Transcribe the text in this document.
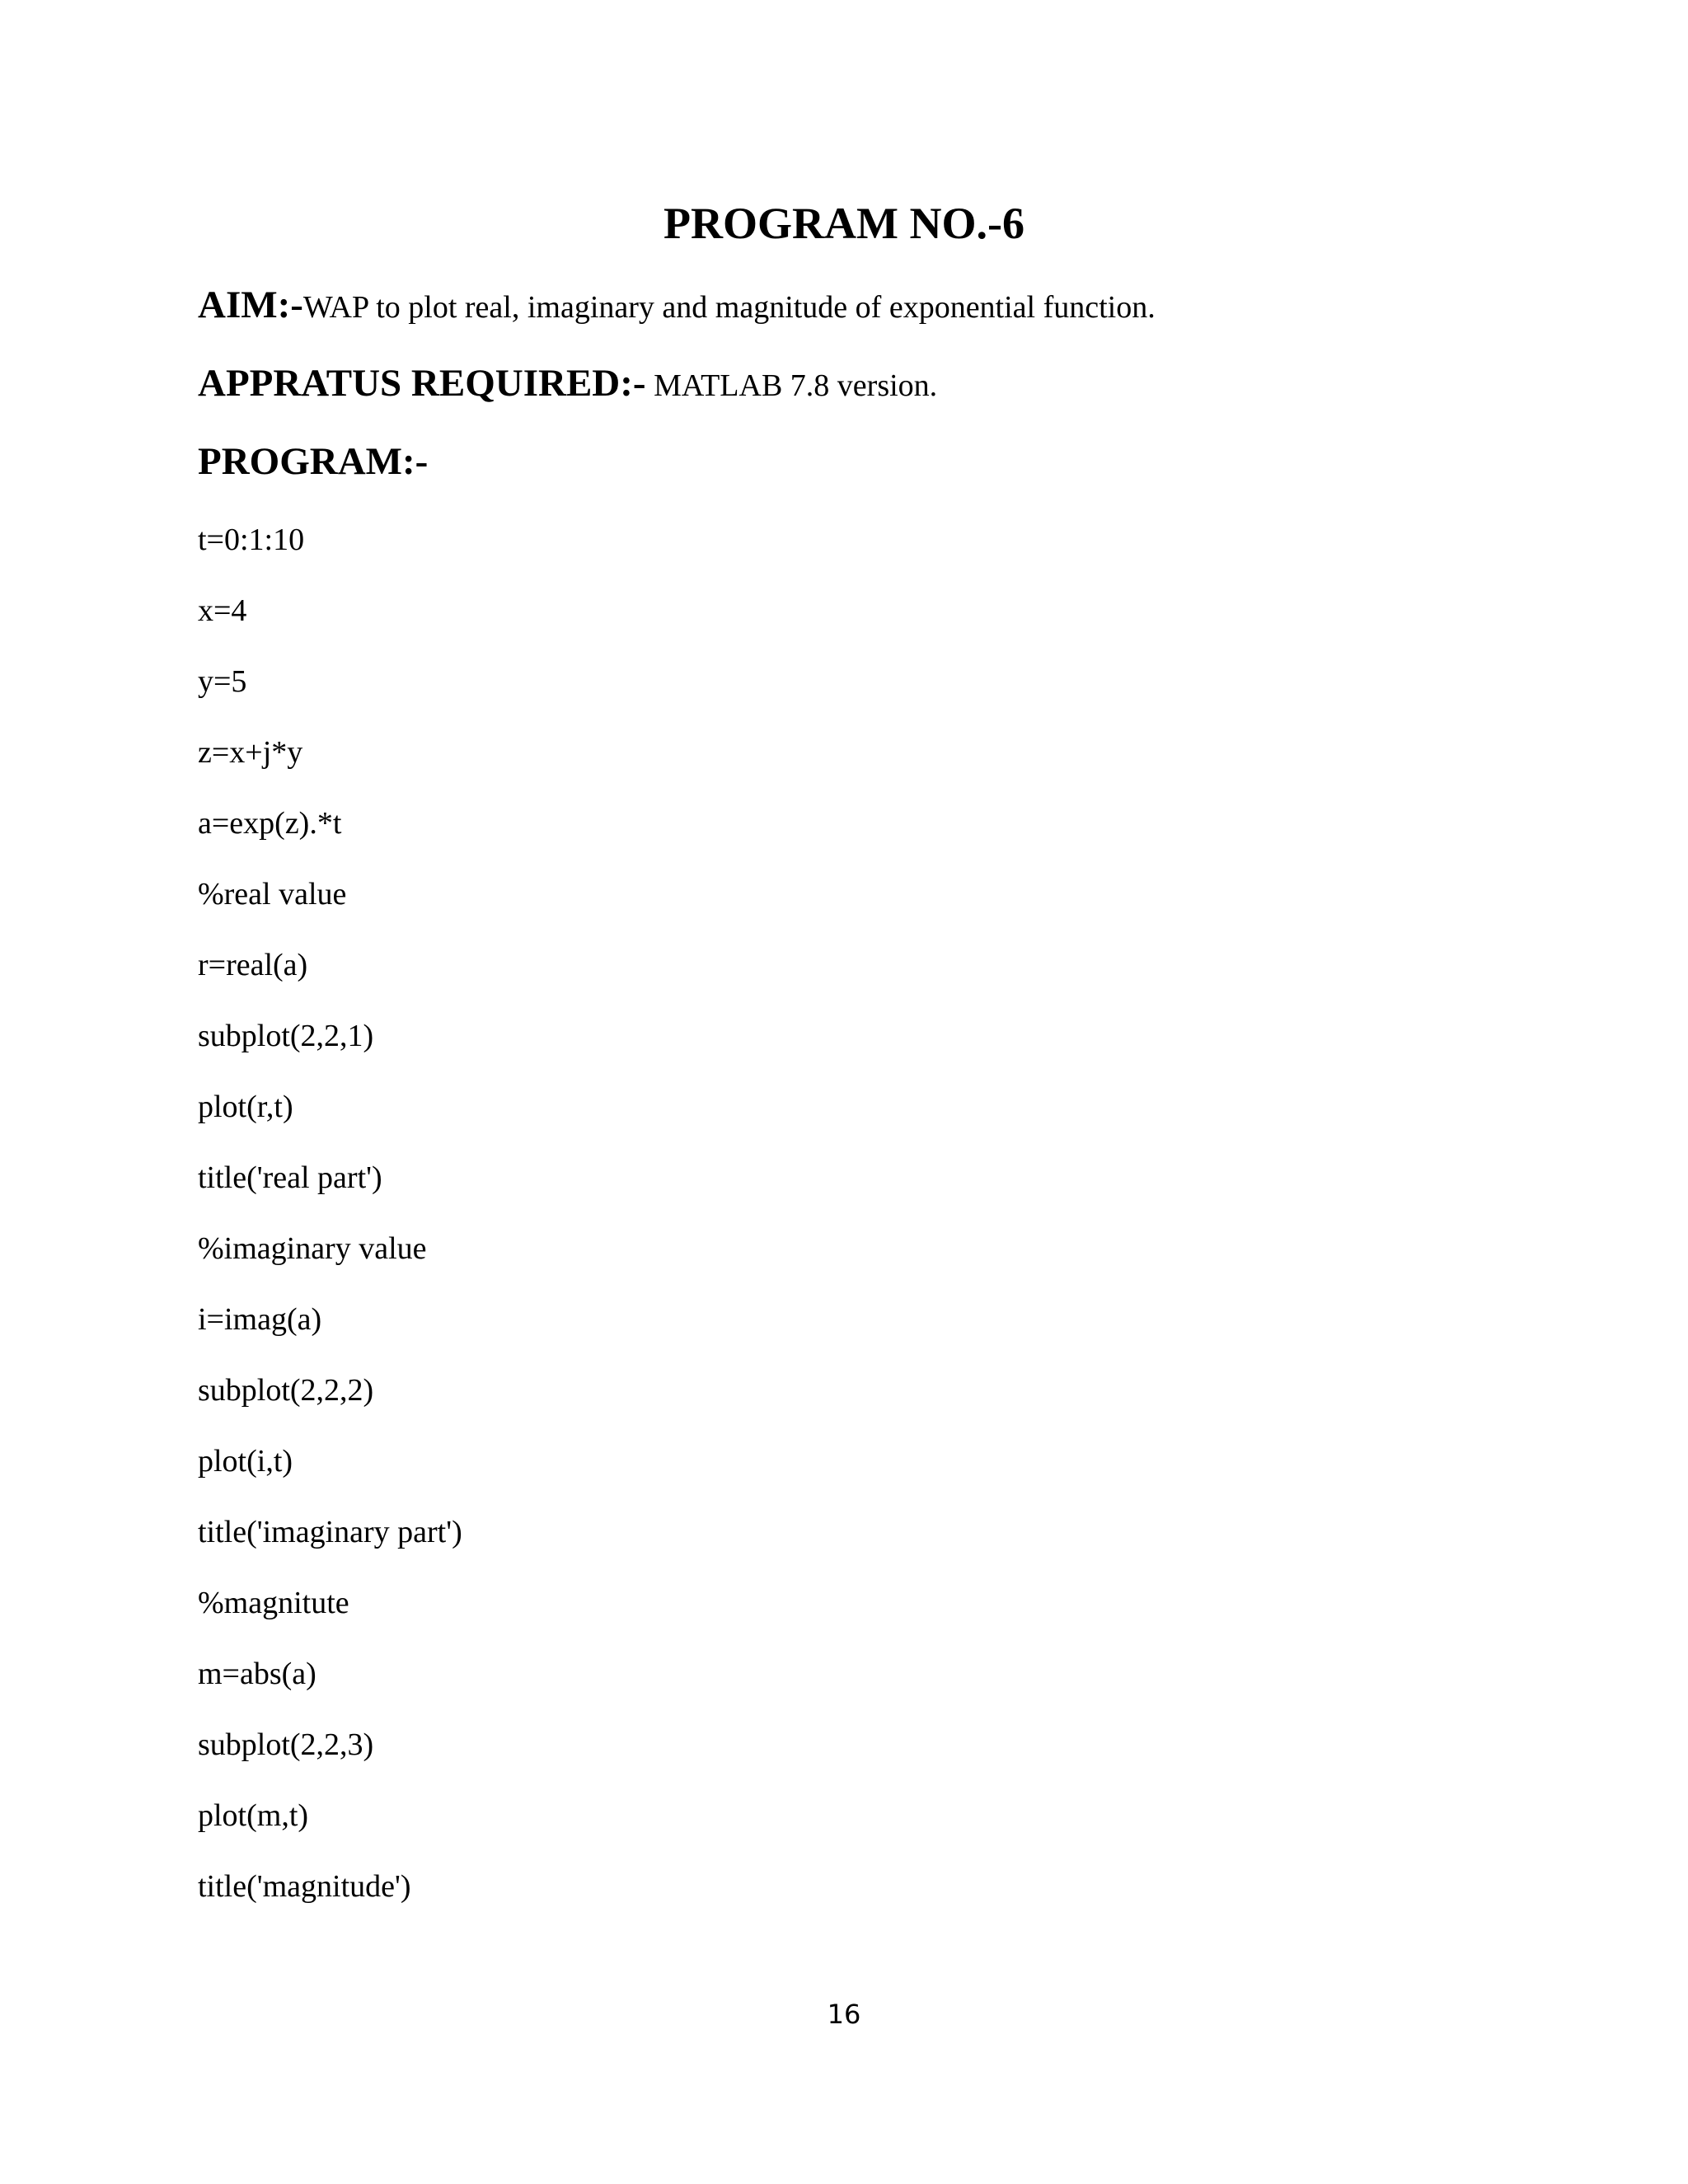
PROGRAM NO.-6
AIM:-WAP to plot real, imaginary and magnitude of exponential function.
APPRATUS REQUIRED:- MATLAB 7.8 version.
PROGRAM:-
t=0:1:10
x=4
y=5
z=x+j*y
a=exp(z).*t
%real value
r=real(a)
subplot(2,2,1)
plot(r,t)
title('real part')
%imaginary value
i=imag(a)
subplot(2,2,2)
plot(i,t)
title('imaginary part')
%magnitute
m=abs(a)
subplot(2,2,3)
plot(m,t)
title('magnitude')
16
